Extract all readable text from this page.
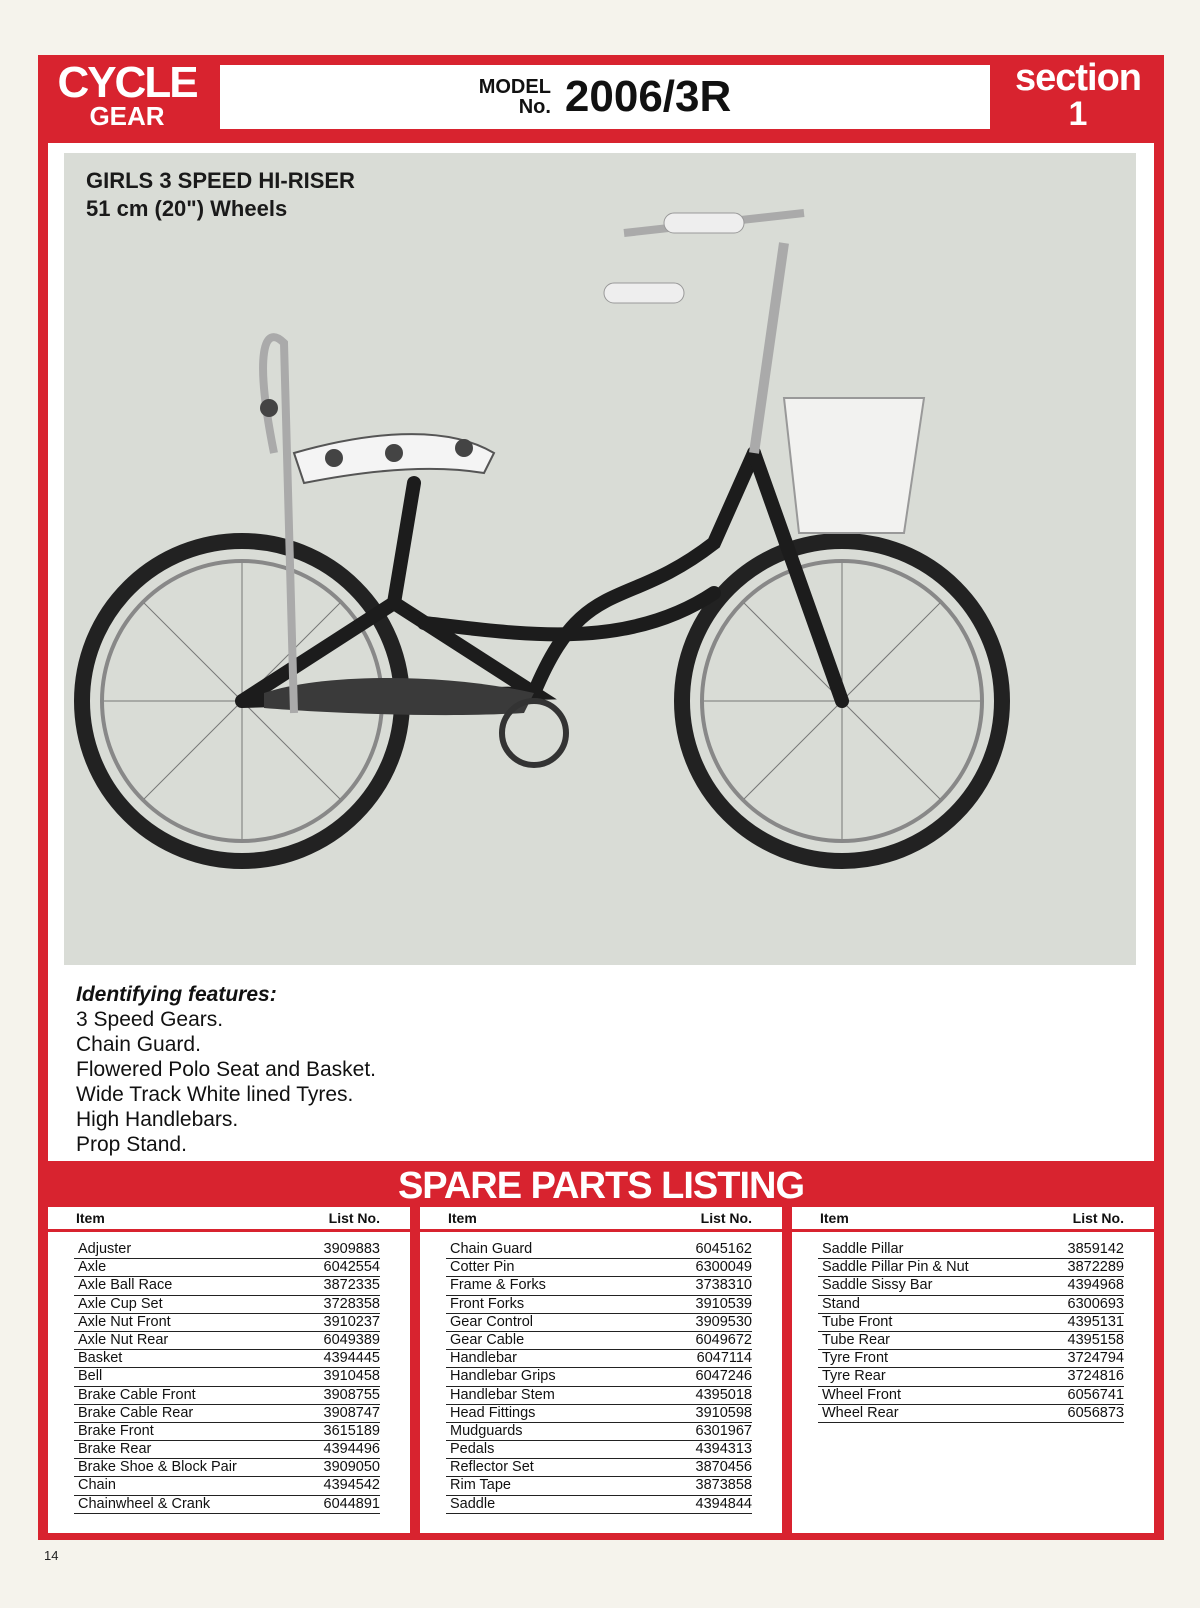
CYCLE
GEAR
MODEL
No. 2006/3R	section
1
GIRLS 3 SPEED HI-RISER
51 cm (20") Wheels
Identifying features:
3 Speed Gears.
Chain Guard.
Flowered Polo Seat and Basket.
Wide Track White lined Tyres.
High Handlebars.
Prop Stand.
SPARE PARTS LISTING
Item	List No.
Adjuster	3909883
Axle	6042554
Axle Ball Race	3872335
Axle Cup Set	3728358
Axle Nut Front	3910237
Axle Nut Rear	6049389
Basket	4394445
Bell	3910458
Brake Cable Front	3908755
Brake Cable Rear	3908747
Brake Front	3615189
Brake Rear	4394496
Brake Shoe & Block Pair	3909050
Chain	4394542
Chainwheel & Crank	6044891
Item	List No.
Chain Guard	6045162
Cotter Pin	6300049
Frame & Forks	3738310
Front Forks	3910539
Gear Control	3909530
Gear Cable	6049672
Handlebar	6047114
Handlebar Grips	6047246
Handlebar Stem	4395018
Head Fittings	3910598
Mudguards	6301967
Pedals	4394313
Reflector Set	3870456
Rim Tape	3873858
Saddle	4394844
Item	List No.
Saddle Pillar	3859142
Saddle Pillar Pin & Nut	3872289
Saddle Sissy Bar	4394968
Stand	6300693
Tube Front	4395131
Tube Rear	4395158
Tyre Front	3724794
Tyre Rear	3724816
Wheel Front	6056741
Wheel Rear	6056873
14
